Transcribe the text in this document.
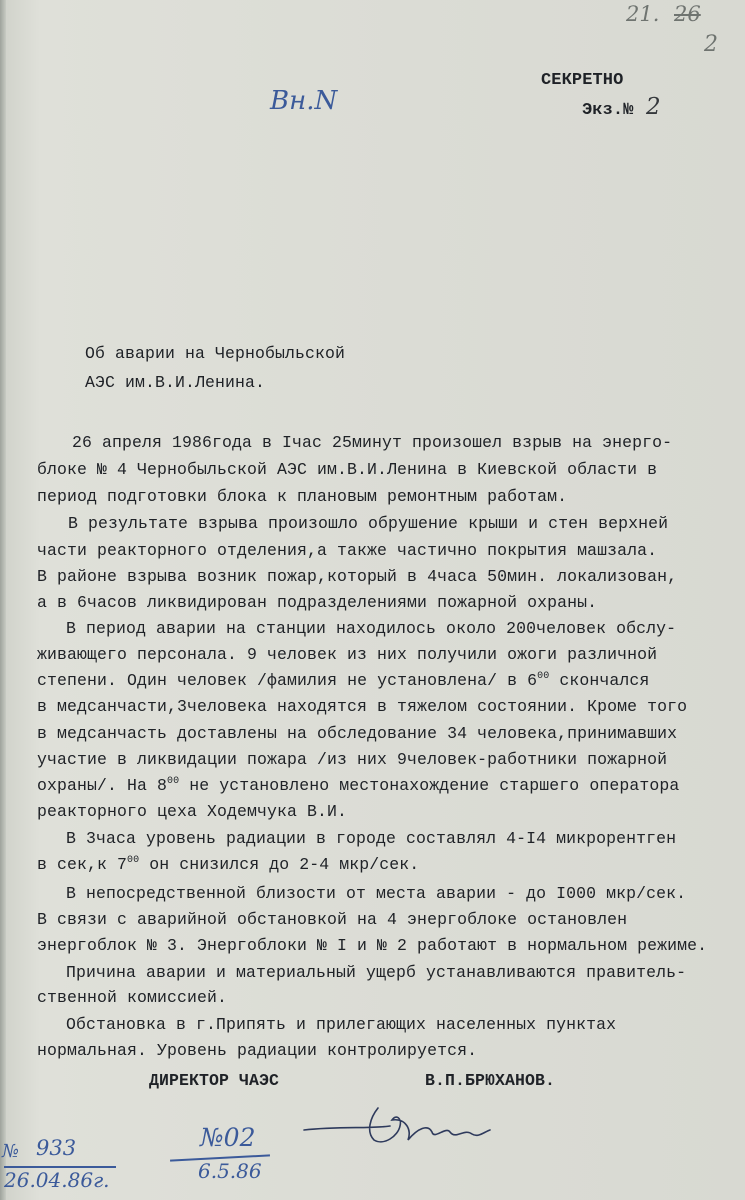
21. 26
2
Вн.N
СЕКРЕТНО
Экз.№ 2
Об аварии на Чернобыльской
АЭС им.В.И.Ленина.
26 апреля 1986года в Iчас 25минут произошел взрыв на энерго-
блоке № 4 Чернобыльской АЭС им.В.И.Ленина в Киевской области в
период подготовки блока к плановым ремонтным работам.
В результате взрыва произошло обрушение крыши и стен верхней
части реакторного отделения,а также частично покрытия машзала.
В районе взрыва возник пожар,который в 4часа 50мин. локализован,
а в 6часов ликвидирован подразделениями пожарной охраны.
В период аварии на станции находилось около 200человек обслу-
живающего персонала. 9 человек из них получили ожоги различной
степени. Один человек /фамилия не установлена/ в $6^{00}$ скончался
в медсанчасти,3человека находятся в тяжелом состоянии. Кроме того
в медсанчасть доставлены на обследование 34 человека,принимавших
участие в ликвидации пожара /из них 9человек-работники пожарной
охраны/. На $8^{00}$ не установлено местонахождение старшего оператора
реакторного цеха Ходемчука В.И.
В 3часа уровень радиации в городе составлял 4-I4 микрорентген
в сек,к $7^{00}$ он снизился до 2-4 мкр/сек.
В непосредственной близости от места аварии - до I000 мкр/сек.
В связи с аварийной обстановкой на 4 энергоблоке остановлен
энергоблок № 3. Энергоблоки № I и № 2 работают в нормальном режиме.
Причина аварии и материальный ущерб устанавливаются правитель-
ственной комиссией.
Обстановка в г.Припять и прилегающих населенных пунктах
нормальная. Уровень радиации контролируется.
ДИРЕКТОР ЧАЭС	В.П.БРЮХАНОВ.
№ 933
26.04.86г.
№02
6.5.86
